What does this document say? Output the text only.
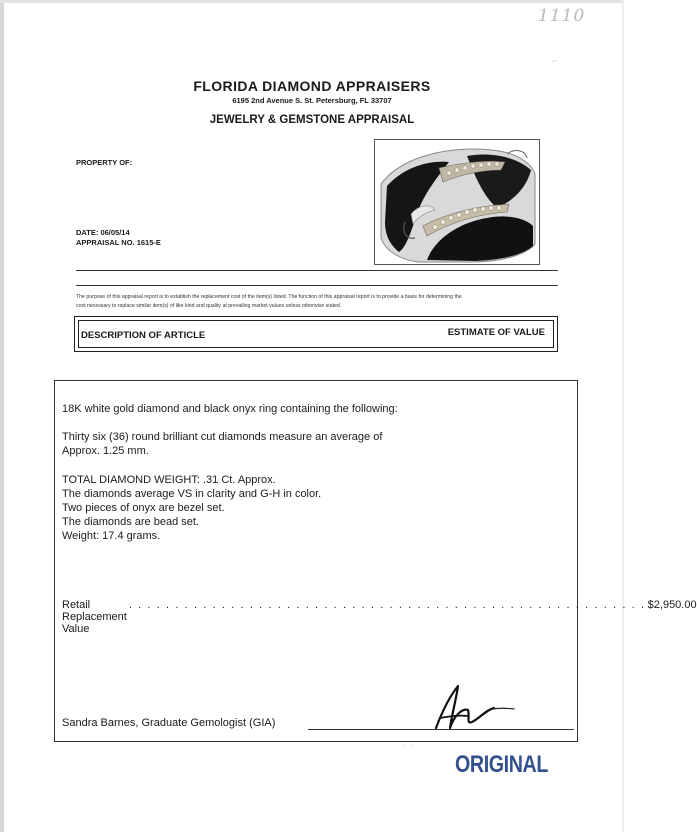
1110
⌐
FLORIDA DIAMOND APPRAISERS
6195 2nd Avenue S. St. Petersburg, FL 33707
JEWELRY & GEMSTONE APPRAISAL
PROPERTY OF:
DATE: 06/05/14
APPRAISAL NO. 1615-E
The purpose of this appraisal report is to establish the replacement cost of the item(s) listed. The function of this appraisal report is to provide a basis for determining the
cost necessary to replace similar item(s) of like kind and quality at prevailing market values unless otherwise stated.
DESCRIPTION OF ARTICLE	ESTIMATE OF VALUE
18K white gold diamond and black onyx ring containing the following:
Thirty six (36) round brilliant cut diamonds measure an average of
Approx. 1.25 mm.
TOTAL DIAMOND WEIGHT: .31 Ct. Approx.
The diamonds average VS in clarity and G-H in color.
Two pieces of onyx are bezel set.
The diamonds are bead set.
Weight: 17.4 grams.
Retail Replacement Value
. . . . . . . . . . . . . . . . . . . . . . . . . . . . . . . . . . . . . . . . . . . . . . . . . . . . . . . . $2,950.00
Sandra Barnes, Graduate Gemologist (GIA)
· ·
ORIGINAL
